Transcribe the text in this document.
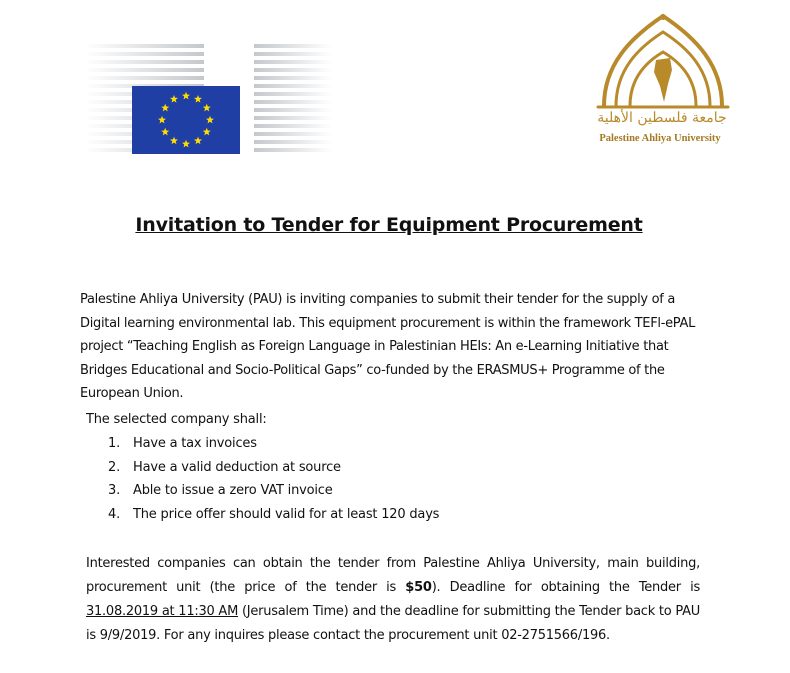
جامعة فلسطين الأهلية
Palestine Ahliya University
Invitation to Tender for Equipment Procurement
Palestine Ahliya University (PAU) is inviting companies to submit their tender for the supply of a Digital learning environmental lab. This equipment procurement is within the framework TEFl-ePAL project “Teaching English as Foreign Language in Palestinian HEIs: An e-Learning Initiative that Bridges Educational and Socio-Political Gaps” co-funded by the ERASMUS+ Programme of the European Union.
The selected company shall:
1. Have a tax invoices
2. Have a valid deduction at source
3. Able to issue a zero VAT invoice
4. The price offer should valid for at least 120 days
Interested companies can obtain the tender from Palestine Ahliya University, main building, procurement unit (the price of the tender is $50). Deadline for obtaining the Tender is 31.08.2019 at 11:30 AM (Jerusalem Time) and the deadline for submitting the Tender back to PAU is 9/9/2019. For any inquires please contact the procurement unit 02-2751566/196.
